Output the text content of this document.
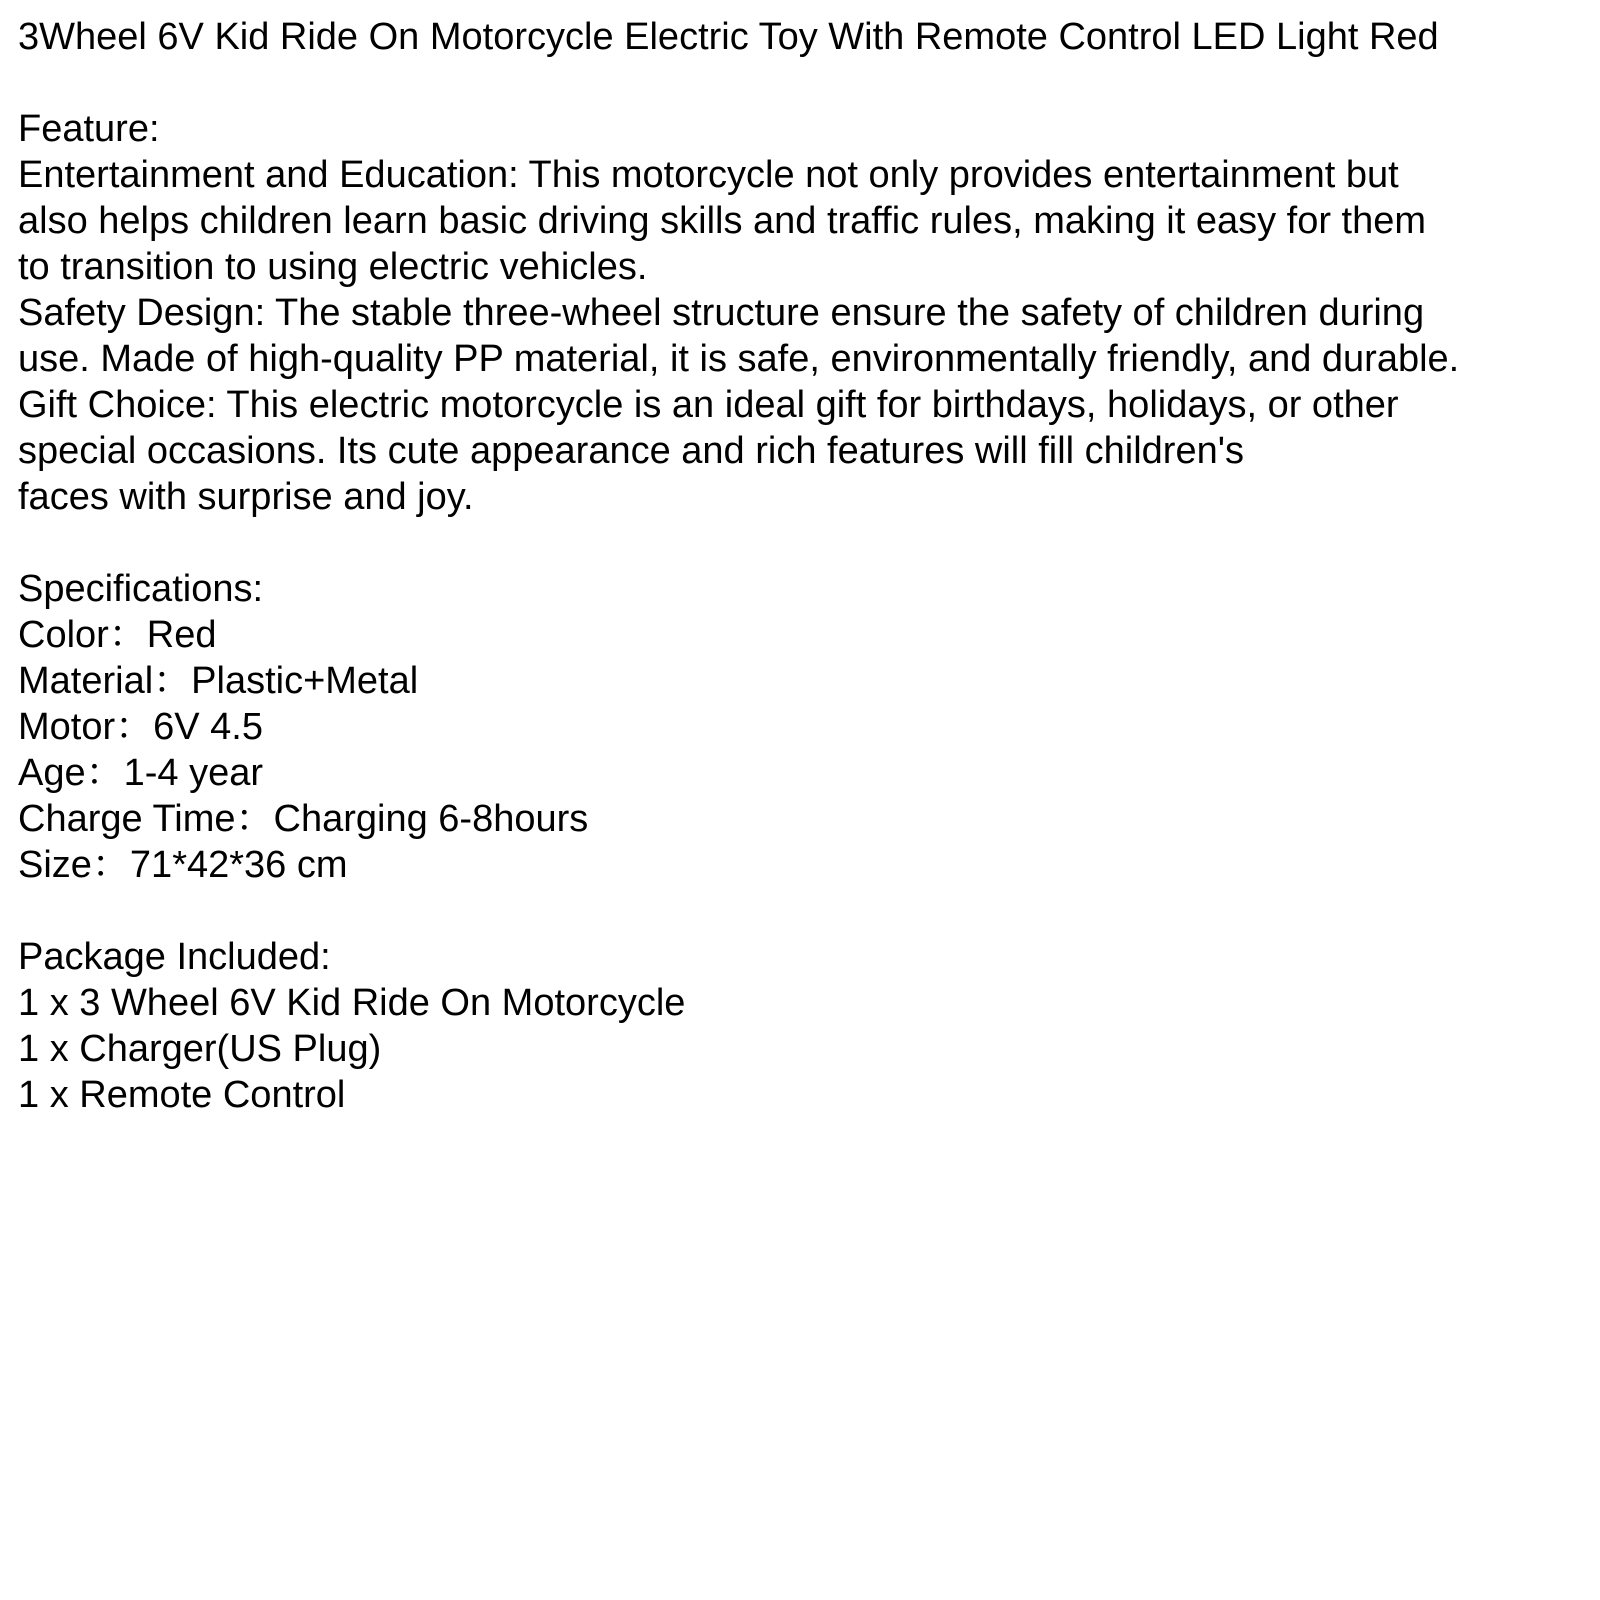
3Wheel 6V Kid Ride On Motorcycle Electric Toy With Remote Control LED Light Red
Feature:
Entertainment and Education: This motorcycle not only provides entertainment but
also helps children learn basic driving skills and traffic rules, making it easy for them
to transition to using electric vehicles.
Safety Design: The stable three-wheel structure ensure the safety of children during
use. Made of high-quality PP material, it is safe, environmentally friendly, and durable.
Gift Choice: This electric motorcycle is an ideal gift for birthdays, holidays, or other
special occasions. Its cute appearance and rich features will fill children's
faces with surprise and joy.
Specifications:
Color：Red
Material：Plastic+Metal
Motor：6V 4.5
Age：1-4 year
Charge Time：Charging 6-8hours
Size：71*42*36 cm
Package Included:
1 x 3 Wheel 6V Kid Ride On Motorcycle
1 x Charger(US Plug)
1 x Remote Control
